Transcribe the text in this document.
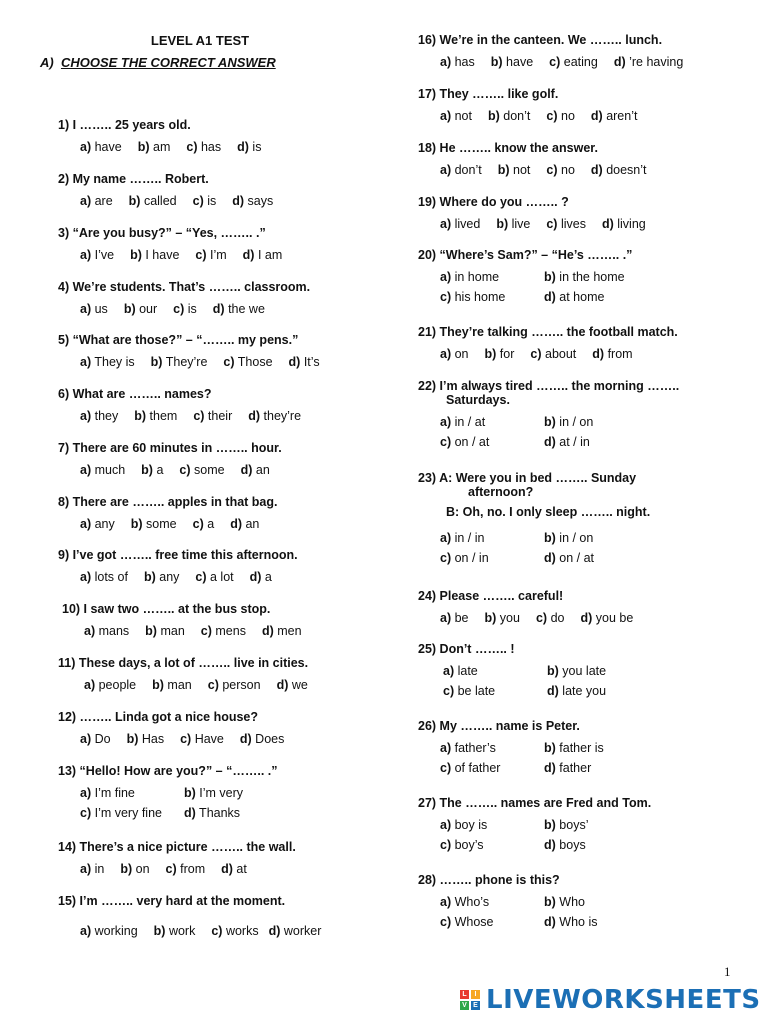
LEVEL A1 TEST
A) CHOOSE THE CORRECT ANSWER
1) I …….. 25 years old.
a) have b) am c) has d) is
2) My name …….. Robert.
a) are b) called c) is d) says
3) “Are you busy?” – “Yes, …….. .”
a) I’ve b) I have c) I’m d) I am
4) We’re students. That’s …….. classroom.
a) us b) our c) is d) the we
5) “What are those?” – “…….. my pens.”
a) They is b) They’re c) Those d) It’s
6) What are …….. names?
a) they b) them c) their d) they’re
7) There are 60 minutes in …….. hour.
a) much b) a c) some d) an
8) There are …….. apples in that bag.
a) any b) some c) a d) an
9) I’ve got …….. free time this afternoon.
a) lots of b) any c) a lot d) a
10) I saw two …….. at the bus stop.
a) mans b) man c) mens d) men
11) These days, a lot of …….. live in cities.
a) people b) man c) person d) we
12) …….. Linda got a nice house?
a) Do b) Has c) Have d) Does
13) “Hello! How are you?” – “…….. .”
a) I’m fine	b) I’m very
c) I’m very fine d) Thanks
14) There’s a nice picture …….. the wall.
a) in b) on c) from d) at
15) I’m …….. very hard at the moment.
a) working b) work c) works d) worker
16) We’re in the canteen. We …….. lunch.
a) has b) have c) eating d) ’re having
17) They …….. like golf.
a) not b) don’t c) no d) aren’t
18) He …….. know the answer.
a) don’t b) not c) no d) doesn’t
19) Where do you …….. ?
a) lived b) live c) lives d) living
20) “Where’s Sam?” – “He’s …….. .”
a) in home	b) in the home
c) his home	d) at home
21) They’re talking …….. the football match.
a) on b) for c) about d) from
22) I’m always tired …….. the morning ……..
Saturdays.
a) in / at	b) in / on
c) on / at	d) at / in
23) A: Were you in bed …….. Sunday
afternoon?
B: Oh, no. I only sleep …….. night.
a) in / in	b) in / on
c) on / in	d) on / at
24) Please …….. careful!
a) be b) you c) do d) you be
25) Don’t …….. !
a) late	b) you late
c) be late	d) late you
26) My …….. name is Peter.
a) father’s	b) father is
c) of father	d) father
27) The …….. names are Fred and Tom.
a) boy is	b) boys’
c) boy’s	d) boys
28) …….. phone is this?
a) Who’s	b) Who
c) Whose	d) Who is
1
L	I
V E LIVEWORKSHEETS
